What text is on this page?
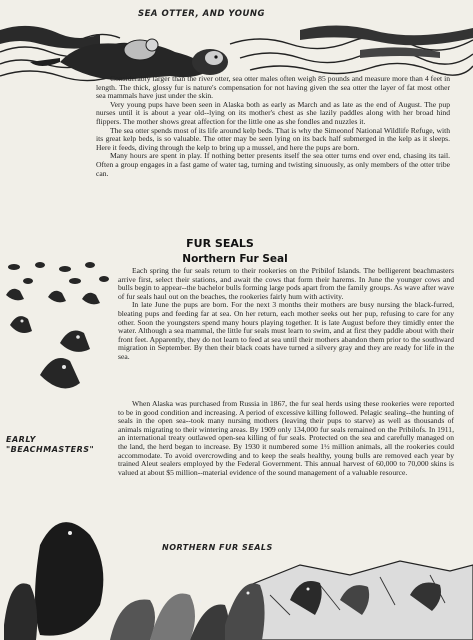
SEA OTTER, AND YOUNG

Considerably larger than the river otter, sea otter males often weigh 85 pounds and measure more than 4 feet in length. The thick, glossy fur is nature's compensation for not having given the sea otter the layer of fat most other sea mammals have just under the skin.

Very young pups have been seen in Alaska both as early as March and as late as the end of August. The pup nurses until it is about a year old--lying on its mother's chest as she lazily paddles along with her broad hind flippers. The mother shows great affection for the little one as she fondles and nuzzles it.

The sea otter spends most of its life around kelp beds. That is why the Simeonof National Wildlife Refuge, with its great kelp beds, is so valuable. The otter may be seen lying on its back half submerged in the kelp as it sleeps. Here it feeds, diving through the kelp to bring up a mussel, and here the pups are born.

Many hours are spent in play. If nothing better presents itself the sea otter turns end over end, chasing its tail. Often a group engages in a fast game of water tag, turning and twisting sinuously, as only members of the otter tribe can.

FUR SEALS
Northern Fur Seal
EARLY
"BEACHMASTERS"

Each spring the fur seals return to their rookeries on the Pribilof Islands. The belligerent beachmasters arrive first, select their stations, and await the cows that form their harems. In June the younger cows and bulls begin to appear--the bachelor bulls forming large pods apart from the family groups. As wave after wave of fur seals haul out on the beaches, the rookeries fairly hum with activity.

In late June the pups are born. For the next 3 months their mothers are busy nursing the black-furred, bleating pups and feeding far at sea. On her return, each mother seeks out her pup, refusing to care for any other. Soon the youngsters spend many hours playing together. It is late August before they timidly enter the water. Although a sea mammal, the little fur seals must learn to swim, and at first they paddle about with their front feet. Apparently, they do not learn to feed at sea until their mothers abandon them prior to the southward migration in September. By then their black coats have turned a silvery gray and they are ready for life in the sea.

When Alaska was purchased from Russia in 1867, the fur seal herds using these rookeries were reported to be in good condition and increasing. A period of excessive killing followed. Pelagic sealing--the hunting of seals in the open sea--took many nursing mothers (leaving their pups to starve) as well as thousands of animals migrating to their wintering areas. By 1909 only 134,000 fur seals remained on the Pribilofs. In 1911, an international treaty outlawed open-sea killing of fur seals. Protected on the sea and carefully managed on the land, the herd began to increase. By 1930 it numbered some 1½ million animals, all the rookeries could accommodate. To avoid overcrowding and to keep the seals healthy, young bulls are removed each year by trained Aleut sealers employed by the Federal Government. This annual harvest of 60,000 to 70,000 skins is valued at about $5 million--material evidence of the sound management of a valuable resource.

NORTHERN FUR SEALS
